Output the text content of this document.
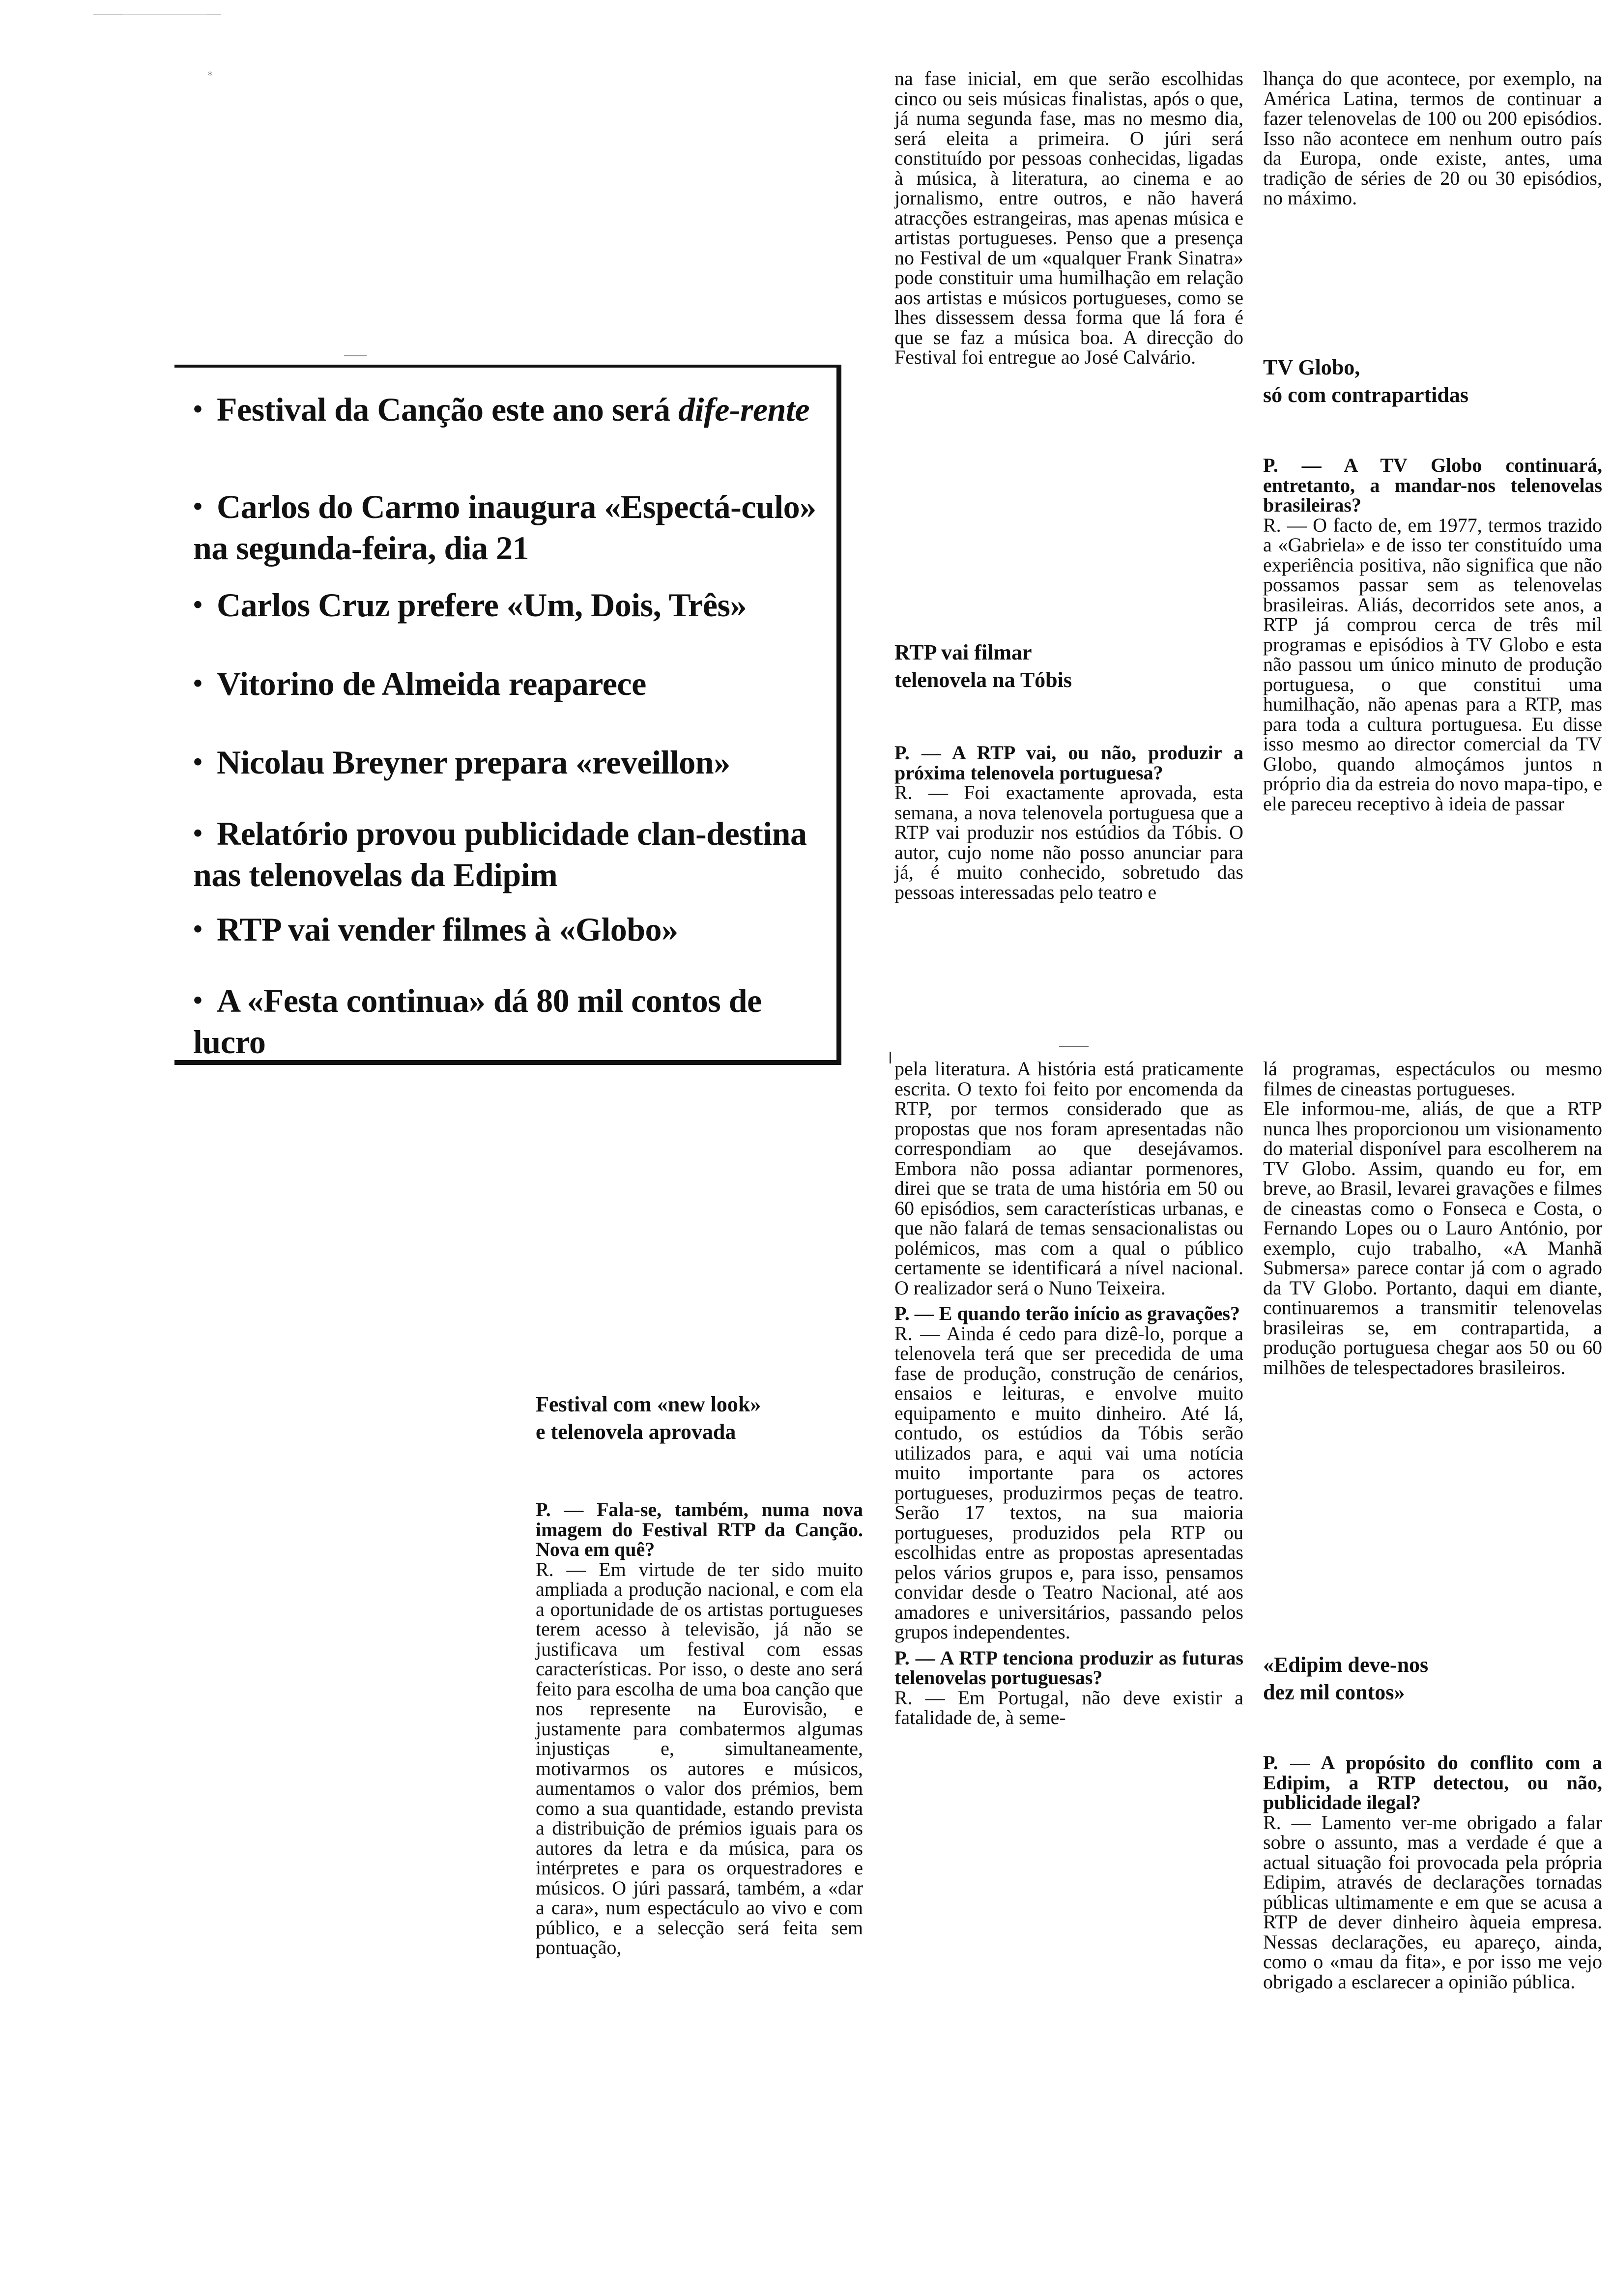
*
• Festival da Canção este ano será dife-rente
• Carlos do Carmo inaugura «Espectá-culo» na segunda-feira, dia 21
• Carlos Cruz prefere «Um, Dois, Três»
• Vitorino de Almeida reaparece
• Nicolau Breyner prepara «reveillon»
• Relatório provou publicidade clan-destina nas telenovelas da Edipim
• RTP vai vender filmes à «Globo»
• A «Festa continua» dá 80 mil contos de lucro
Festival com «new look»
e telenovela aprovada

P. — Fala-se, também, numa nova imagem do Festival RTP da Canção. Nova em quê?

R. — Em virtude de ter sido muito ampliada a produção nacional, e com ela a oportunidade de os artistas portugueses terem acesso à televisão, já não se justificava um festival com essas características. Por isso, o deste ano será feito para escolha de uma boa canção que nos represente na Eurovisão, e justamente para combatermos algumas injustiças e, simultaneamente, motivarmos os autores e músicos, aumentamos o valor dos prémios, bem como a sua quantidade, estando prevista a distribuição de prémios iguais para os autores da letra e da música, para os intérpretes e para os orquestradores e músicos. O júri passará, também, a «dar a cara», num espectáculo ao vivo e com público, e a selecção será feita sem pontuação,

na fase inicial, em que serão escolhidas cinco ou seis músicas finalistas, após o que, já numa segunda fase, mas no mesmo dia, será eleita a primeira. O júri será constituído por pessoas conhecidas, ligadas à música, à literatura, ao cinema e ao jornalismo, entre outros, e não haverá atracções estrangeiras, mas apenas música e artistas portugueses. Penso que a presença no Festival de um «qualquer Frank Sinatra» pode constituir uma humilhação em relação aos artistas e músicos portugueses, como se lhes dissessem dessa forma que lá fora é que se faz a música boa. A direcção do Festival foi entregue ao José Calvário.

RTP vai filmar
telenovela na Tóbis

P. — A RTP vai, ou não, produzir a próxima telenovela portuguesa?

R. — Foi exactamente aprovada, esta semana, a nova telenovela portuguesa que a RTP vai produzir nos estúdios da Tóbis. O autor, cujo nome não posso anunciar para já, é muito conhecido, sobretudo das pessoas interessadas pelo teatro e

pela literatura. A história está praticamente escrita. O texto foi feito por encomenda da RTP, por termos considerado que as propostas que nos foram apresentadas não correspondiam ao que desejávamos. Embora não possa adiantar pormenores, direi que se trata de uma história em 50 ou 60 episódios, sem características urbanas, e que não falará de temas sensacionalistas ou polémicos, mas com a qual o público certamente se identificará a nível nacional. O realizador será o Nuno Teixeira.

P. — E quando terão início as gravações?

R. — Ainda é cedo para dizê-lo, porque a telenovela terá que ser precedida de uma fase de produção, construção de cenários, ensaios e leituras, e envolve muito equipamento e muito dinheiro. Até lá, contudo, os estúdios da Tóbis serão utilizados para, e aqui vai uma notícia muito importante para os actores portugueses, produzirmos peças de teatro. Serão 17 textos, na sua maioria portugueses, produzidos pela RTP ou escolhidas entre as propostas apresentadas pelos vários grupos e, para isso, pensamos convidar desde o Teatro Nacional, até aos amadores e universitários, passando pelos grupos independentes.

P. — A RTP tenciona produzir as futuras telenovelas portuguesas?

R. — Em Portugal, não deve existir a fatalidade de, à seme-

lhança do que acontece, por exemplo, na América Latina, termos de continuar a fazer telenovelas de 100 ou 200 episódios. Isso não acontece em nenhum outro país da Europa, onde existe, antes, uma tradição de séries de 20 ou 30 episódios, no máximo.

TV Globo,
só com contrapartidas

P. — A TV Globo continuará, entretanto, a mandar-nos telenovelas brasileiras?

R. — O facto de, em 1977, termos trazido a «Gabriela» e de isso ter constituído uma experiência positiva, não significa que não possamos passar sem as telenovelas brasileiras. Aliás, decorridos sete anos, a RTP já comprou cerca de três mil programas e episódios à TV Globo e esta não passou um único minuto de produção portuguesa, o que constitui uma humilhação, não apenas para a RTP, mas para toda a cultura portuguesa. Eu disse isso mesmo ao director comercial da TV Globo, quando almoçámos juntos n próprio dia da estreia do novo mapa-tipo, e ele pareceu receptivo à ideia de passar

lá programas, espectáculos ou mesmo filmes de cineastas portugueses.

Ele informou-me, aliás, de que a RTP nunca lhes proporcionou um visionamento do material disponível para escolherem na TV Globo. Assim, quando eu for, em breve, ao Brasil, levarei gravações e filmes de cineastas como o Fonseca e Costa, o Fernando Lopes ou o Lauro António, por exemplo, cujo trabalho, «A Manhã Submersa» parece contar já com o agrado da TV Globo. Portanto, daqui em diante, continuaremos a transmitir telenovelas brasileiras se, em contrapartida, a produção portuguesa chegar aos 50 ou 60 milhões de telespectadores brasileiros.

«Edipim deve-nos
dez mil contos»

P. — A propósito do conflito com a Edipim, a RTP detectou, ou não, publicidade ilegal?

R. — Lamento ver-me obrigado a falar sobre o assunto, mas a verdade é que a actual situação foi provocada pela própria Edipim, através de declarações tornadas públicas ultimamente e em que se acusa a RTP de dever dinheiro àqueia empresa. Nessas declarações, eu apareço, ainda, como o «mau da fita», e por isso me vejo obrigado a esclarecer a opinião pública.
